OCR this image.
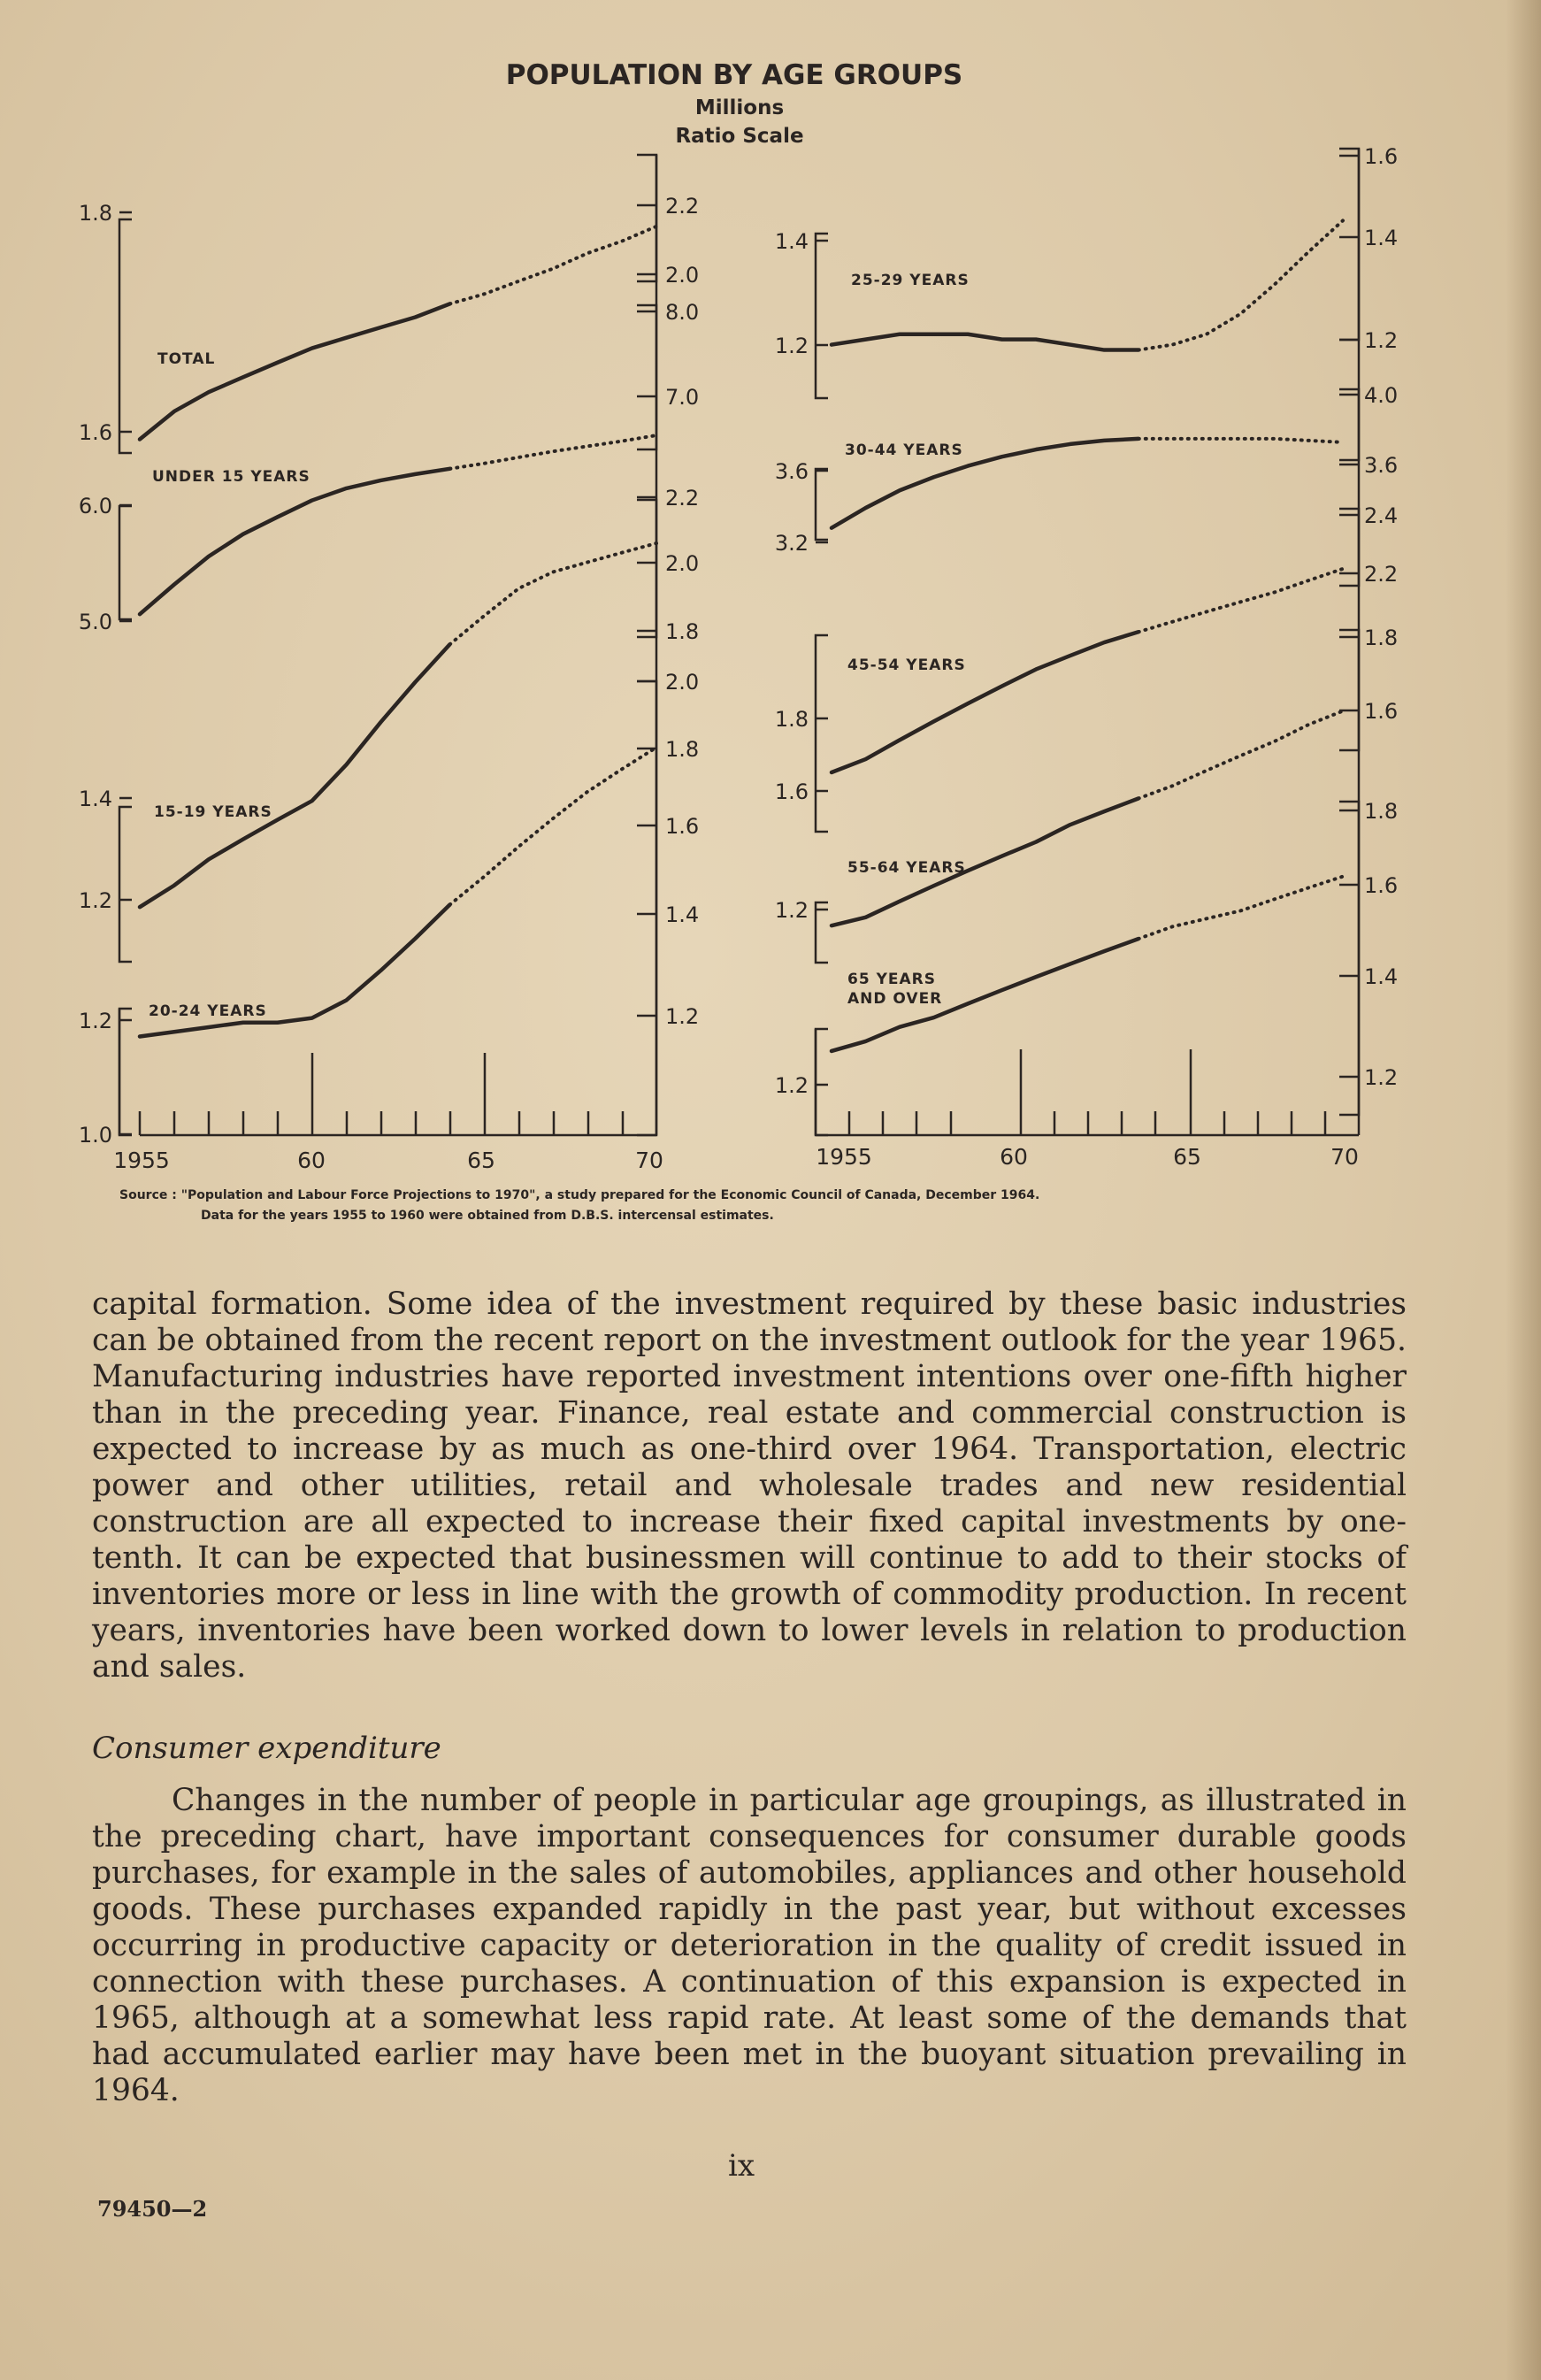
POPULATION BY AGE GROUPS
Millions
Ratio Scale
1955	60	65	70	1955	60	65	70
Source : "Population and Labour Force Projections to 1970", a study prepared for the Economic Council of Canada, December 1964.
Data for the years 1955 to 1960 were obtained from D.B.S. intercensal estimates.
TOTAL
1.8
1.6
2.2
2.0
UNDER 15 YEARS
6.0
5.0
8.0
7.0
15-19 YEARS
1.4
1.2
2.2
2.0
1.8
20-24 YEARS
1.2
1.0
2.0
1.8
1.6
1.4
1.2
25-29 YEARS
1.4
1.2
1.6
1.4
1.2
30-44 YEARS
3.6
3.2
4.0
3.6
45-54 YEARS
1.8
1.6
2.4
2.2
55-64 YEARS
1.2
1.8
1.6
65 YEARS
AND OVER
1.2
1.8
1.6
1.4
1.2

capital formation. Some idea of the investment required by these basic industries can be obtained from the recent report on the investment outlook for the year 1965. Manufacturing industries have reported investment intentions over one-fifth higher than in the preceding year. Finance, real estate and commercial construction is expected to increase by as much as one-third over 1964. Transportation, electric power and other utilities, retail and wholesale trades and new residential construction are all expected to increase their fixed capital investments by one-tenth. It can be expected that businessmen will continue to add to their stocks of inventories more or less in line with the growth of commodity production. In recent years, inventories have been worked down to lower levels in relation to production and sales.

Consumer expenditure

Changes in the number of people in particular age groupings, as illustrated in the preceding chart, have important consequences for consumer durable goods purchases, for example in the sales of automobiles, appliances and other household goods. These purchases expanded rapidly in the past year, but without excesses occurring in productive capacity or deterioration in the quality of credit issued in connection with these purchases. A continuation of this expansion is expected in 1965, although at a somewhat less rapid rate. At least some of the demands that had accumulated earlier may have been met in the buoyant situation prevailing in 1964.

ix
79450—2
